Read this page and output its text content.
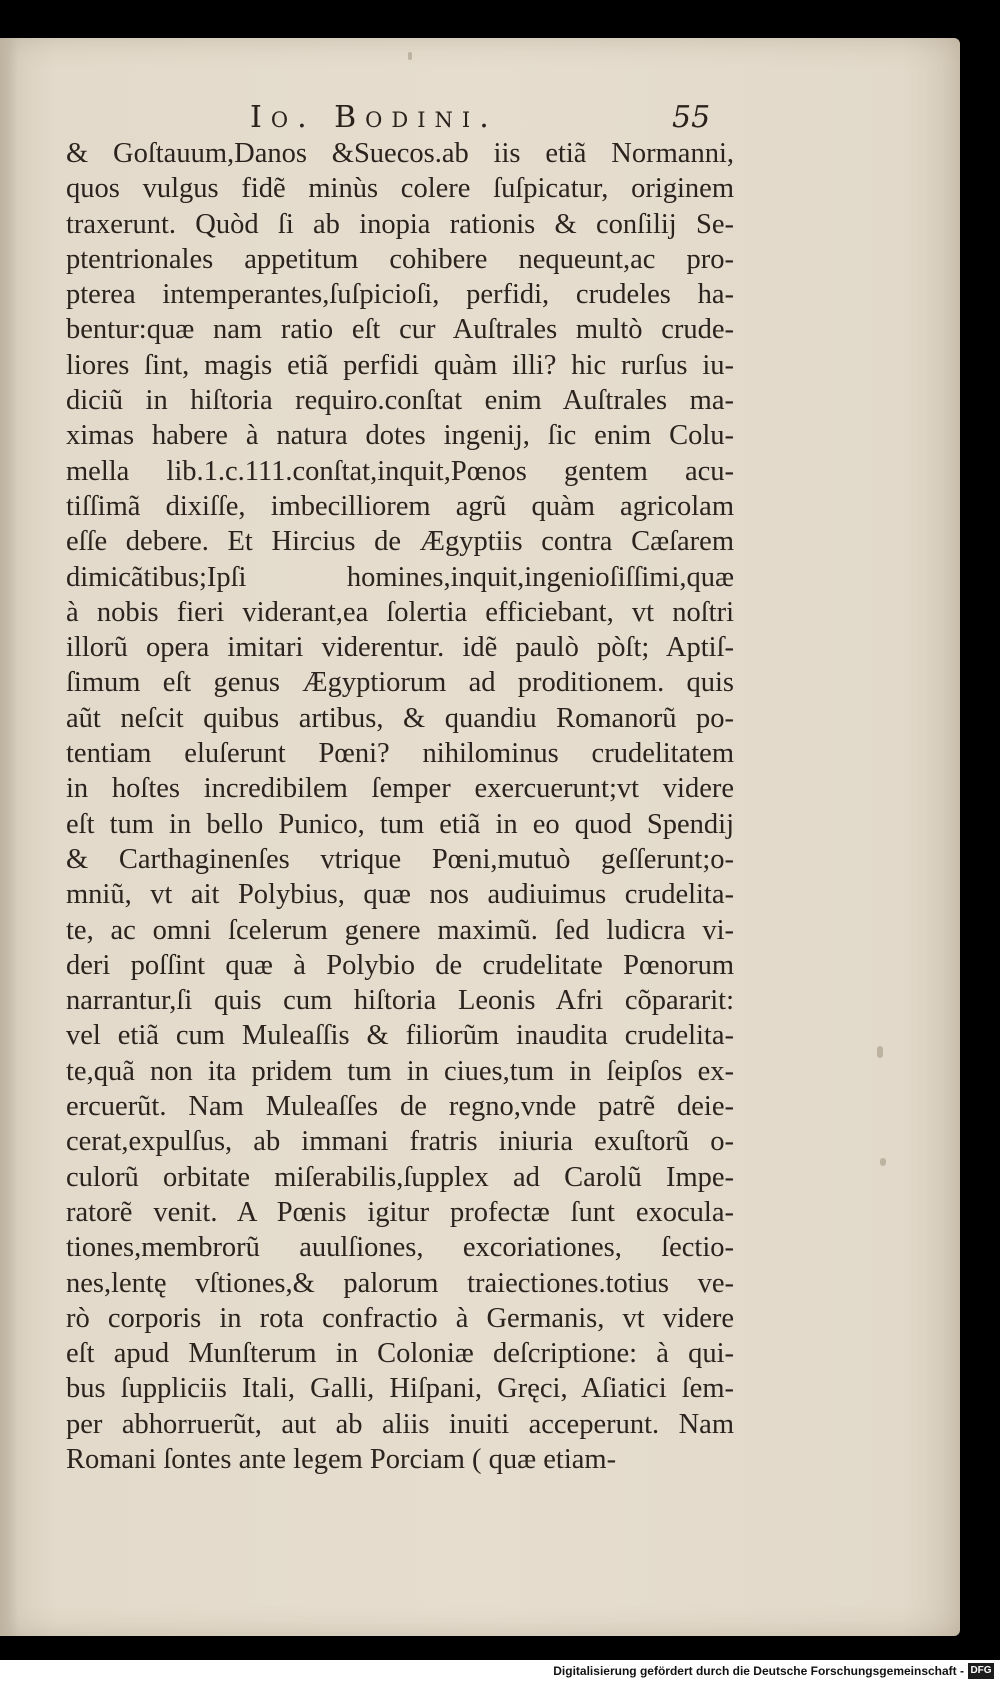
Io. Bodini.	55
& Goſtauum,Danos &Suecos.ab iis etiã Normanni,
quos vulgus fidẽ minùs colere ſuſpicatur, originem
traxerunt. Quòd ſi ab inopia rationis & conſilij Se-
ptentrionales appetitum cohibere nequeunt,ac pro-
pterea intemperantes,ſuſpicioſi, perfidi, crudeles ha-
bentur:quæ nam ratio eſt cur Auſtrales multò crude-
liores ſint, magis etiã perfidi quàm illi? hic rurſus iu-
diciũ in hiſtoria requiro.conſtat enim Auſtrales ma-
ximas habere à natura dotes ingenij, ſic enim Colu-
mella lib.1.c.111.conſtat,inquit,Pœnos gentem acu-
tiſſimã dixiſſe, imbecilliorem agrũ quàm agricolam
eſſe debere. Et Hircius de Ægyptiis contra Cæſarem
dimicãtibus;Ipſi homines,inquit,ingenioſiſſimi,quæ
à nobis fieri viderant,ea ſolertia efficiebant, vt noſtri
illorũ opera imitari viderentur. idẽ paulò pòſt; Aptiſ-
ſimum eſt genus Ægyptiorum ad proditionem. quis
aũt neſcit quibus artibus, & quandiu Romanorũ po-
tentiam eluſerunt Pœni? nihilominus crudelitatem
in hoſtes incredibilem ſemper exercuerunt;vt videre
eſt tum in bello Punico, tum etiã in eo quod Spendij
& Carthaginenſes vtrique Pœni,mutuò geſſerunt;o-
mniũ, vt ait Polybius, quæ nos audiuimus crudelita-
te, ac omni ſcelerum genere maximũ. ſed ludicra vi-
deri poſſint quæ à Polybio de crudelitate Pœnorum
narrantur,ſi quis cum hiſtoria Leonis Afri cõpararit:
vel etiã cum Muleaſſis & filiorũm inaudita crudelita-
te,quã non ita pridem tum in ciues,tum in ſeipſos ex-
ercuerũt. Nam Muleaſſes de regno,vnde patrẽ deie-
cerat,expulſus, ab immani fratris iniuria exuſtorũ o-
culorũ orbitate miſerabilis,ſupplex ad Carolũ Impe-
ratorẽ venit. A Pœnis igitur profectæ ſunt exocula-
tiones,membrorũ auulſiones, excoriationes, ſectio-
nes,lentę vſtiones,& palorum traiectiones.totius ve-
rò corporis in rota confractio à Germanis, vt videre
eſt apud Munſterum in Coloniæ deſcriptione: à qui-
bus ſuppliciis Itali, Galli, Hiſpani, Gręci, Aſiatici ſem-
per abhorruerũt, aut ab aliis inuiti acceperunt. Nam
Romani ſontes ante legem Porciam ( quæ etiam-
Digitalisierung gefördert durch die Deutsche Forschungsgemeinschaft - DFG
